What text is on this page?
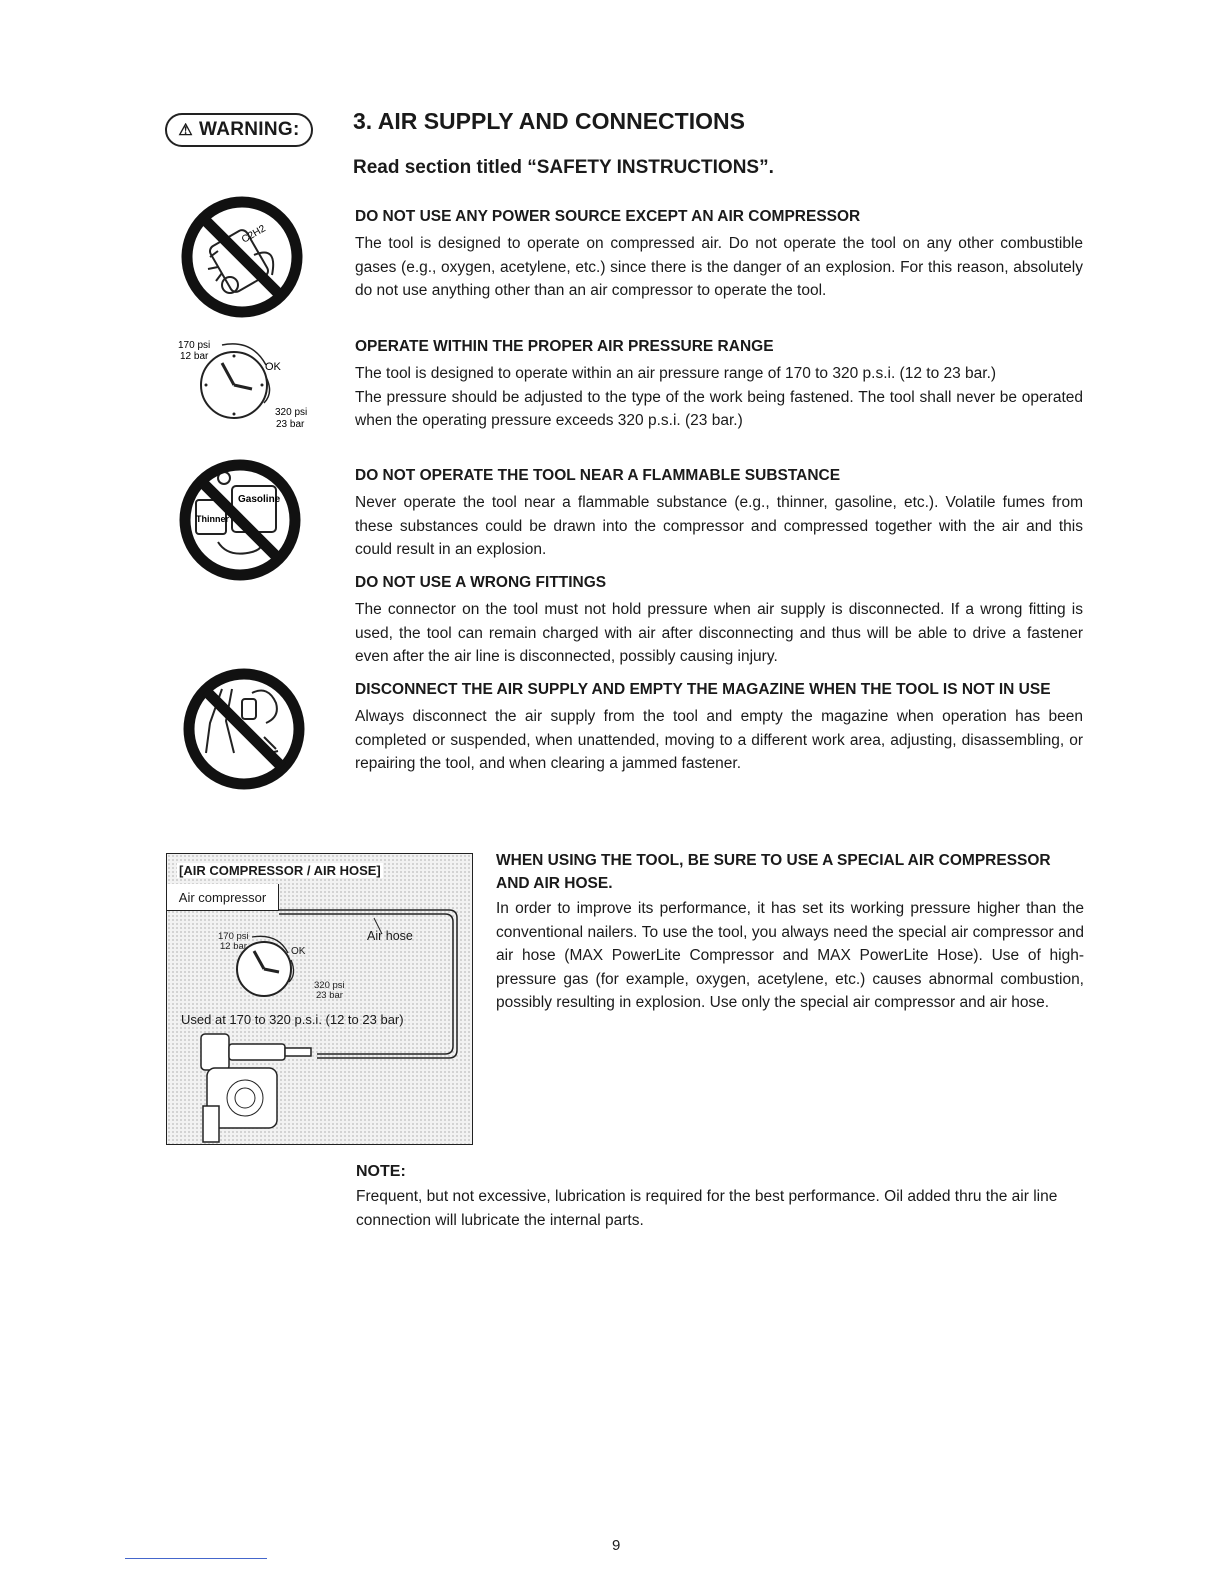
⚠ WARNING: 3. AIR SUPPLY AND CONNECTIONS
Read section titled “SAFETY INSTRUCTIONS”.
C2H2
170 psi
12 bar
OK
320 psi
23 bar
Thinner
Gasoline
DO NOT USE ANY POWER SOURCE EXCEPT AN AIR COMPRESSOR

The tool is designed to operate on compressed air. Do not operate the tool on any other combustible gases (e.g., oxygen, acetylene, etc.) since there is the danger of an explosion. For this reason, absolutely do not use anything other than an air compressor to operate the tool.

OPERATE WITHIN THE PROPER AIR PRESSURE RANGE

The tool is designed to operate within an air pressure range of 170 to 320 p.s.i. (12 to 23 bar.)

The pressure should be adjusted to the type of the work being fastened. The tool shall never be operated when the operating pressure exceeds 320 p.s.i. (23 bar.)

DO NOT OPERATE THE TOOL NEAR A FLAMMABLE SUBSTANCE

Never operate the tool near a flammable substance (e.g., thinner, gasoline, etc.). Volatile fumes from these substances could be drawn into the compressor and compressed together with the air and this could result in an explosion.

DO NOT USE A WRONG FITTINGS

The connector on the tool must not hold pressure when air supply is disconnected. If a wrong fitting is used, the tool can remain charged with air after disconnecting and thus will be able to drive a fastener even after the air line is disconnected, possibly causing injury.

DISCONNECT THE AIR SUPPLY AND EMPTY THE MAGAZINE WHEN THE TOOL IS NOT IN USE

Always disconnect the air supply from the tool and empty the magazine when operation has been completed or suspended, when unattended, moving to a different work area, adjusting, disassembling, or repairing the tool, and when clearing a jammed fastener.

WHEN USING THE TOOL, BE SURE TO USE A SPECIAL AIR COMPRESSOR AND AIR HOSE.

In order to improve its performance, it has set its working pressure higher than the conventional nailers. To use the tool, you always need the special air compressor and air hose (MAX PowerLite Compressor and MAX PowerLite Hose). Use of high-pressure gas (for example, oxygen, acetylene, etc.) causes abnormal combustion, possibly resulting in explosion. Use only the special air compressor and air hose.

[AIR COMPRESSOR / AIR HOSE]
Air compressor
170 psi
12 bar	OK
320 psi
23 bar
Air hose
Used at 170 to 320 p.s.i. (12 to 23 bar)
NOTE:

Frequent, but not excessive, lubrication is required for the best performance. Oil added thru the air line connection will lubricate the internal parts.

9
